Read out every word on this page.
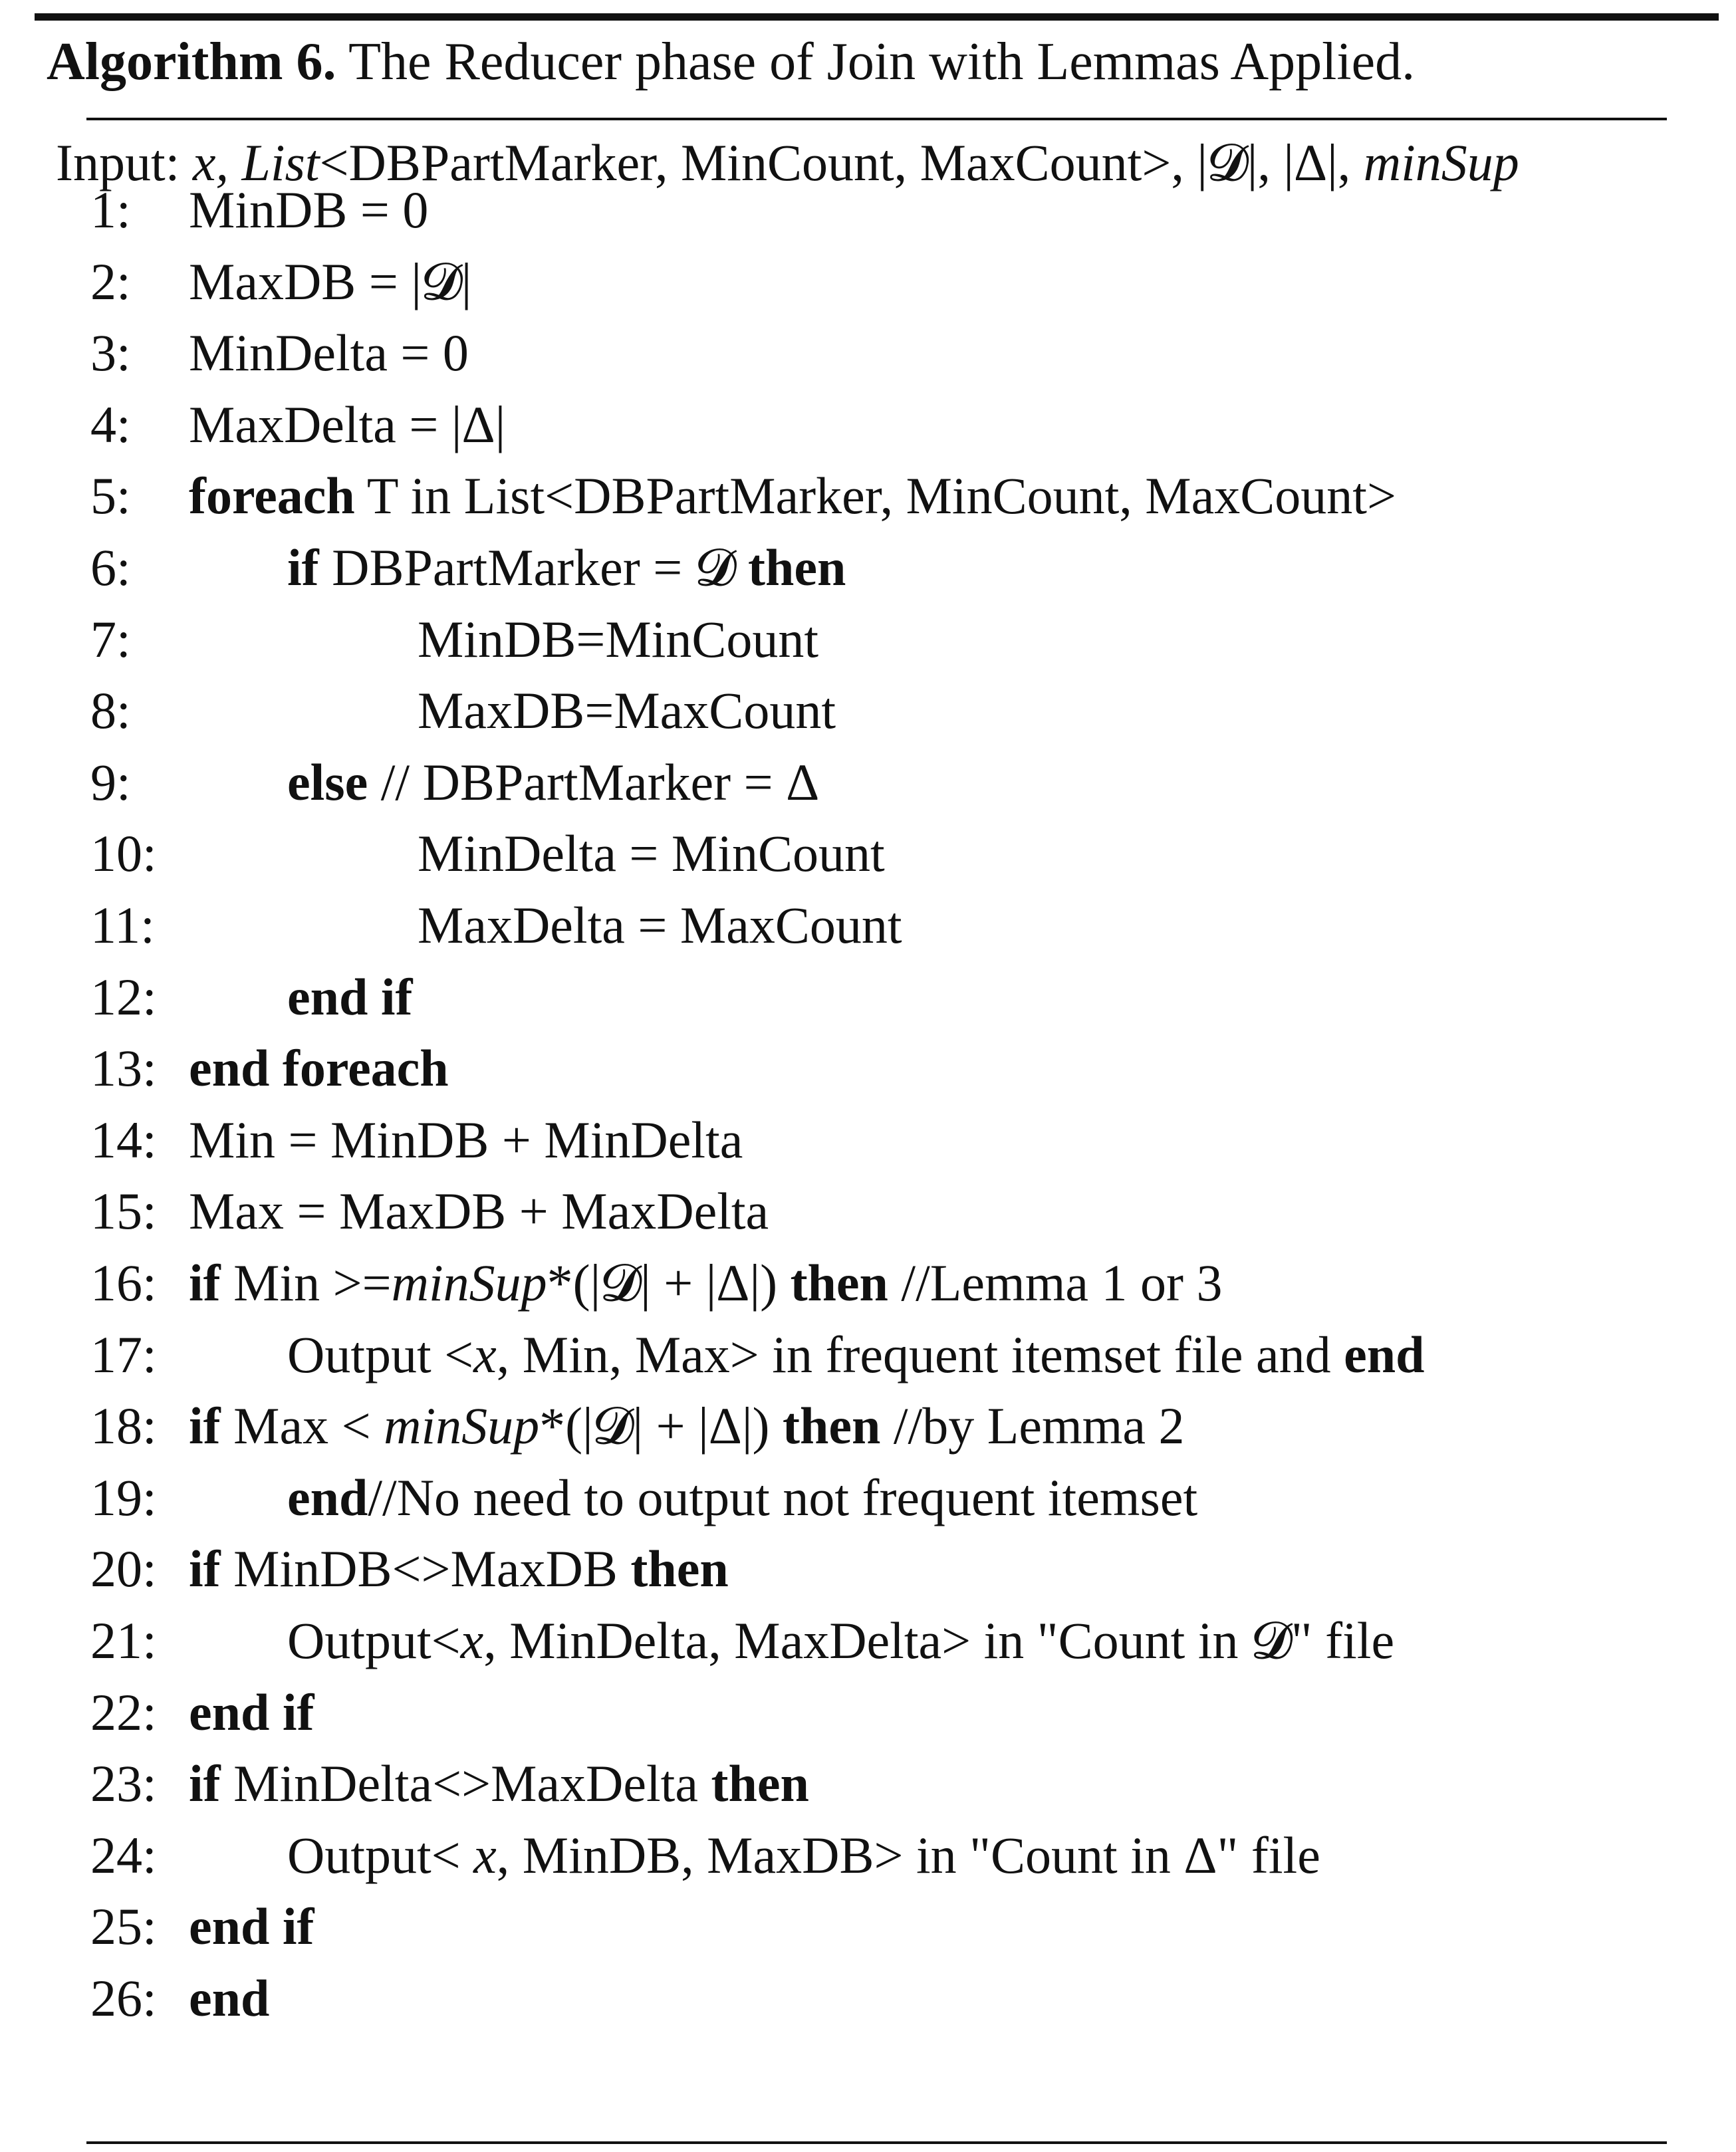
Algorithm 6. The Reducer phase of Join with Lemmas Applied.
Input: x, List<DBPartMarker, MinCount, MaxCount>, |𝓓|, |Δ|, minSup
1: MinDB = 0
2: MaxDB = |𝓓|
3: MinDelta = 0
4: MaxDelta = |Δ|
5: foreach T in List<DBPartMarker, MinCount, MaxCount>
6:	if DBPartMarker = 𝓓 then
7:	MinDB=MinCount
8:	MaxDB=MaxCount
9:	else // DBPartMarker = Δ
10:	MinDelta = MinCount
11:	MaxDelta = MaxCount
12:	end if
13: end foreach
14: Min = MinDB + MinDelta
15: Max = MaxDB + MaxDelta
16: if Min >=minSup*(|𝓓| + |Δ|) then //Lemma 1 or 3
17:	Output <x, Min, Max> in frequent itemset file and end
18: if Max < minSup*(|𝓓| + |Δ|) then //by Lemma 2
19:	end//No need to output not frequent itemset
20: if MinDB<>MaxDB then
21:	Output<x, MinDelta, MaxDelta> in "Count in 𝓓" file
22: end if
23: if MinDelta<>MaxDelta then
24:	Output< x, MinDB, MaxDB> in "Count in Δ" file
25: end if
26: end
